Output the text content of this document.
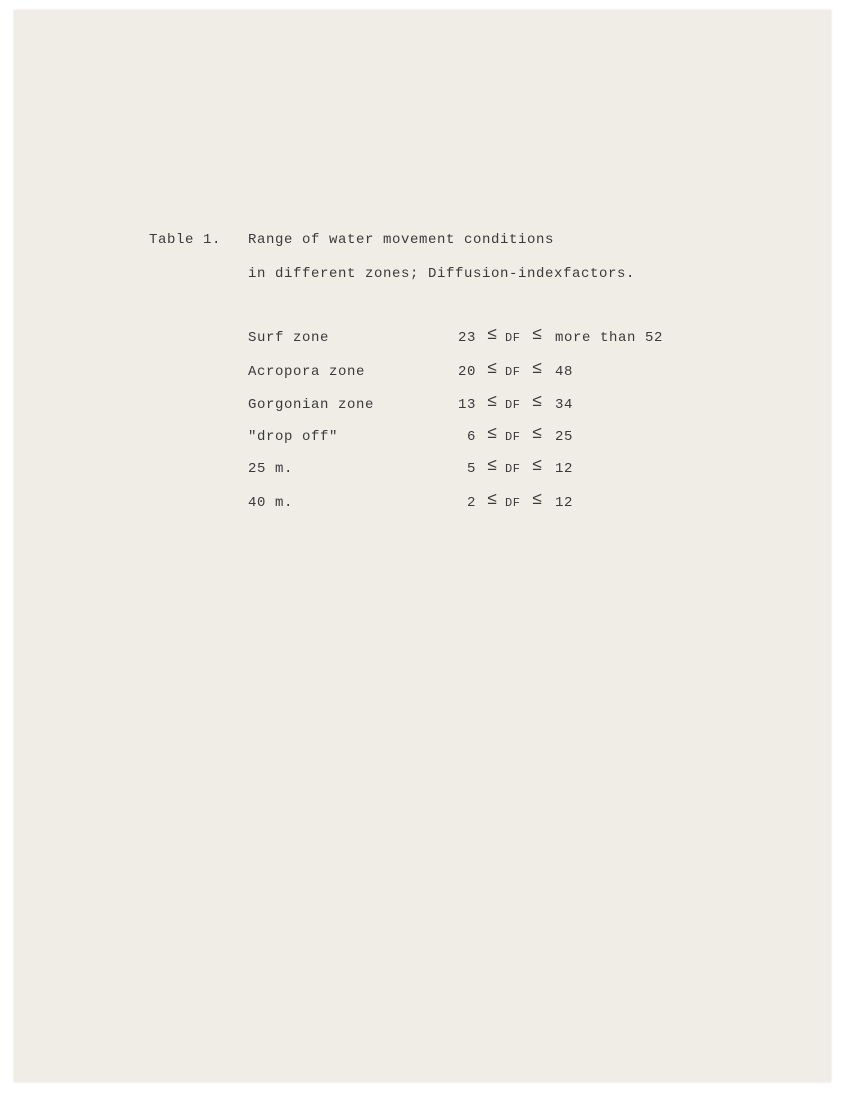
Table 1. Range of water movement conditions
in different zones; Diffusion-indexfactors.
Surf zone	23 ≤ DF ≤ more than 52
Acropora zone	20 ≤ DF ≤ 48
Gorgonian zone	13 ≤ DF ≤ 34
"drop off"	6 ≤ DF ≤ 25
25 m.	5 ≤ DF ≤ 12
40 m.	2 ≤ DF ≤ 12
